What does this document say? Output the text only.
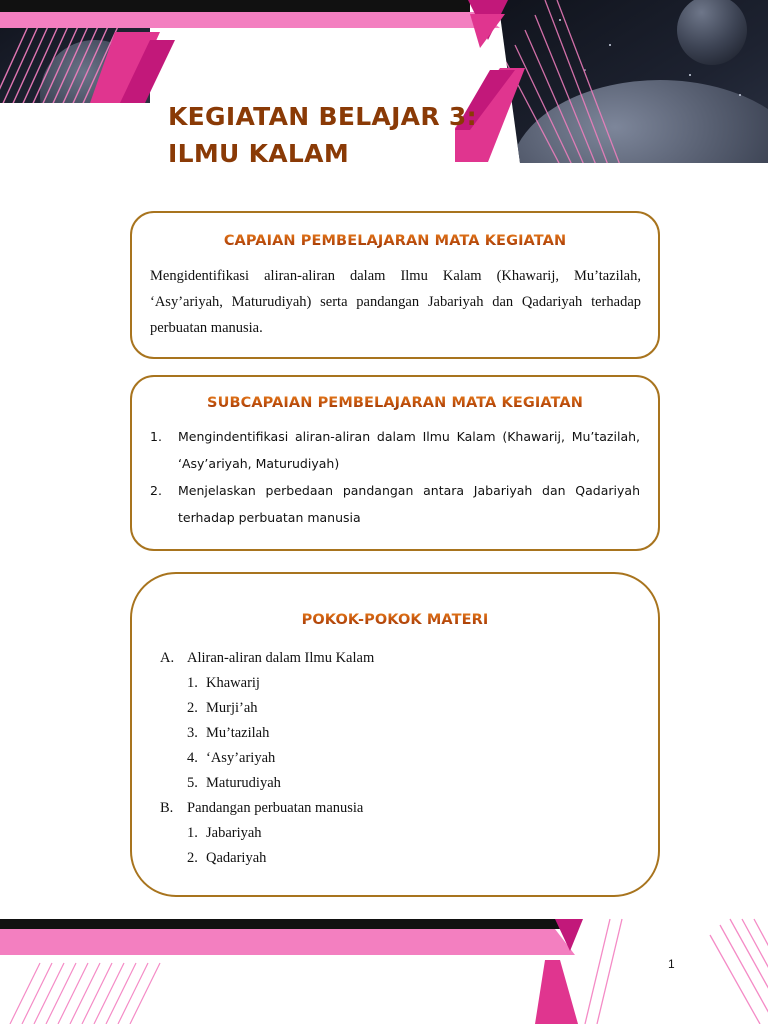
KEGIATAN BELAJAR 3:
ILMU KALAM
CAPAIAN PEMBELAJARAN MATA KEGIATAN
Mengidentifikasi aliran-aliran dalam Ilmu Kalam (Khawarij, Mu’tazilah, ‘Asy’ariyah, Maturudiyah) serta pandangan Jabariyah dan Qadariyah terhadap perbuatan manusia.
SUBCAPAIAN PEMBELAJARAN MATA KEGIATAN
1.	Mengindentifikasi aliran-aliran dalam Ilmu Kalam (Khawarij, Mu’tazilah, ‘Asy’ariyah, Maturudiyah)
2.	Menjelaskan perbedaan pandangan antara Jabariyah dan Qadariyah terhadap perbuatan manusia
POKOK-POKOK MATERI
A. Aliran-aliran dalam Ilmu Kalam
1. Khawarij
2. Murji’ah
3. Mu’tazilah
4. ‘Asy’ariyah
5. Maturudiyah
B. Pandangan perbuatan manusia
1. Jabariyah
2. Qadariyah
1
